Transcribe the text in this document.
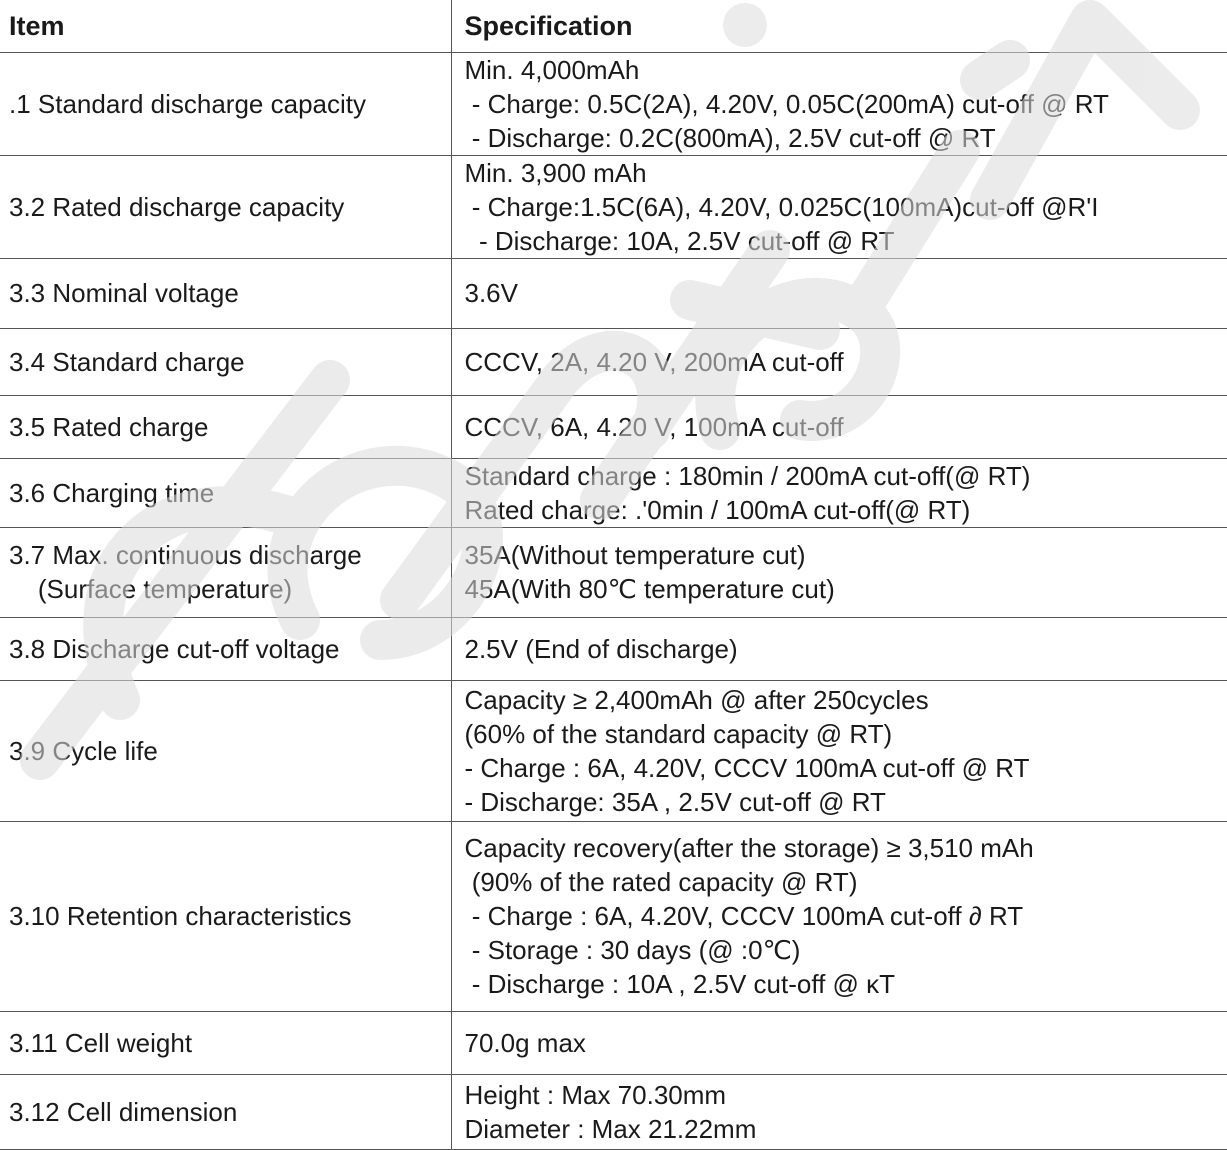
Item	Specification

.1 Standard discharge capacity	Min. 4,000mAh
- Charge: 0.5C(2A), 4.20V, 0.05C(200mA) cut-off @ RT
- Discharge: 0.2C(800mA), 2.5V cut-off @ RT

3.2 Rated discharge capacity	Min. 3,900 mAh
- Charge:1.5C(6A), 4.20V, 0.025C(100mA)cut-off @R'I
- Discharge: 10A, 2.5V cut-off @ RT

3.3 Nominal voltage	3.6V

3.4 Standard charge	CCCV, 2A, 4.20 V, 200mA cut-off

3.5 Rated charge	CCCV, 6A, 4.20 V, 100mA cut-off

3.6 Charging time	Standard charge : 180min / 200mA cut-off(@ RT)
Rated charge: .'0min / 100mA cut-off(@ RT)

3.7 Max. continuous discharge
(Surface temperature)	35A(Without temperature cut)
45A(With 80℃ temperature cut)

3.8 Discharge cut-off voltage	2.5V (End of discharge)

3.9 Cycle life	Capacity ≥ 2,400mAh @ after 250cycles
(60% of the standard capacity @ RT)
- Charge : 6A, 4.20V, CCCV 100mA cut-off @ RT
- Discharge: 35A , 2.5V cut-off @ RT

3.10 Retention characteristics	Capacity recovery(after the storage) ≥ 3,510 mAh
(90% of the rated capacity @ RT)
- Charge : 6A, 4.20V, CCCV 100mA cut-off ∂ RT
- Storage : 30 days (@ :0℃)
- Discharge : 10A , 2.5V cut-off @ κT

3.11 Cell weight	70.0g max

3.12 Cell dimension	Height : Max 70.30mm
Diameter : Max 21.22mm
